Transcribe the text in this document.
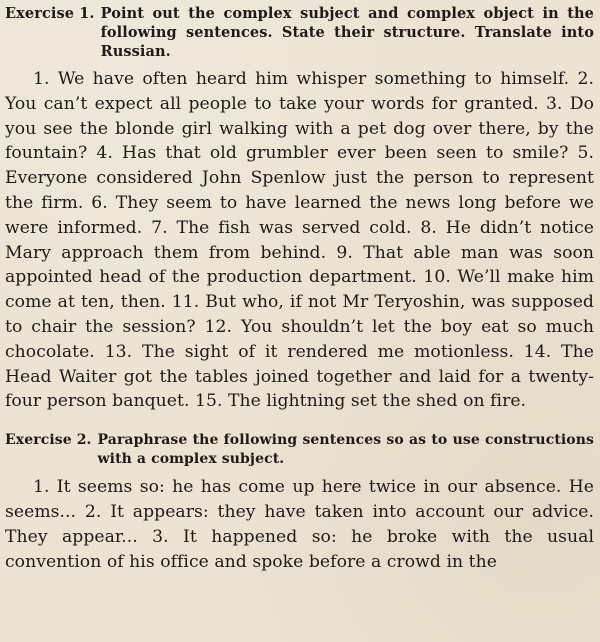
Exercise 1. Point out the complex subject and complex object in the following sentences. State their structure. Translate into Russian.

1. We have often heard him whisper something to himself. 2. You can’t expect all people to take your words for granted. 3. Do you see the blonde girl walking with a pet dog over there, by the fountain? 4. Has that old grumbler ever been seen to smile? 5. Everyone considered John Spenlow just the person to represent the firm. 6. They seem to have learned the news long before we were informed. 7. The fish was served cold. 8. He didn’t notice Mary approach them from behind. 9. That able man was soon appointed head of the production department. 10. We’ll make him come at ten, then. 11. But who, if not Mr Teryoshin, was supposed to chair the session? 12. You shouldn’t let the boy eat so much chocolate. 13. The sight of it rendered me motionless. 14. The Head Waiter got the tables joined together and laid for a twenty-four person banquet. 15. The lightning set the shed on fire.

Exercise 2. Paraphrase the following sentences so as to use constructions with a complex subject.

1. It seems so: he has come up here twice in our absence. He seems... 2. It appears: they have taken into account our advice. They appear... 3. It happened so: he broke with the usual convention of his office and spoke before a crowd in the
